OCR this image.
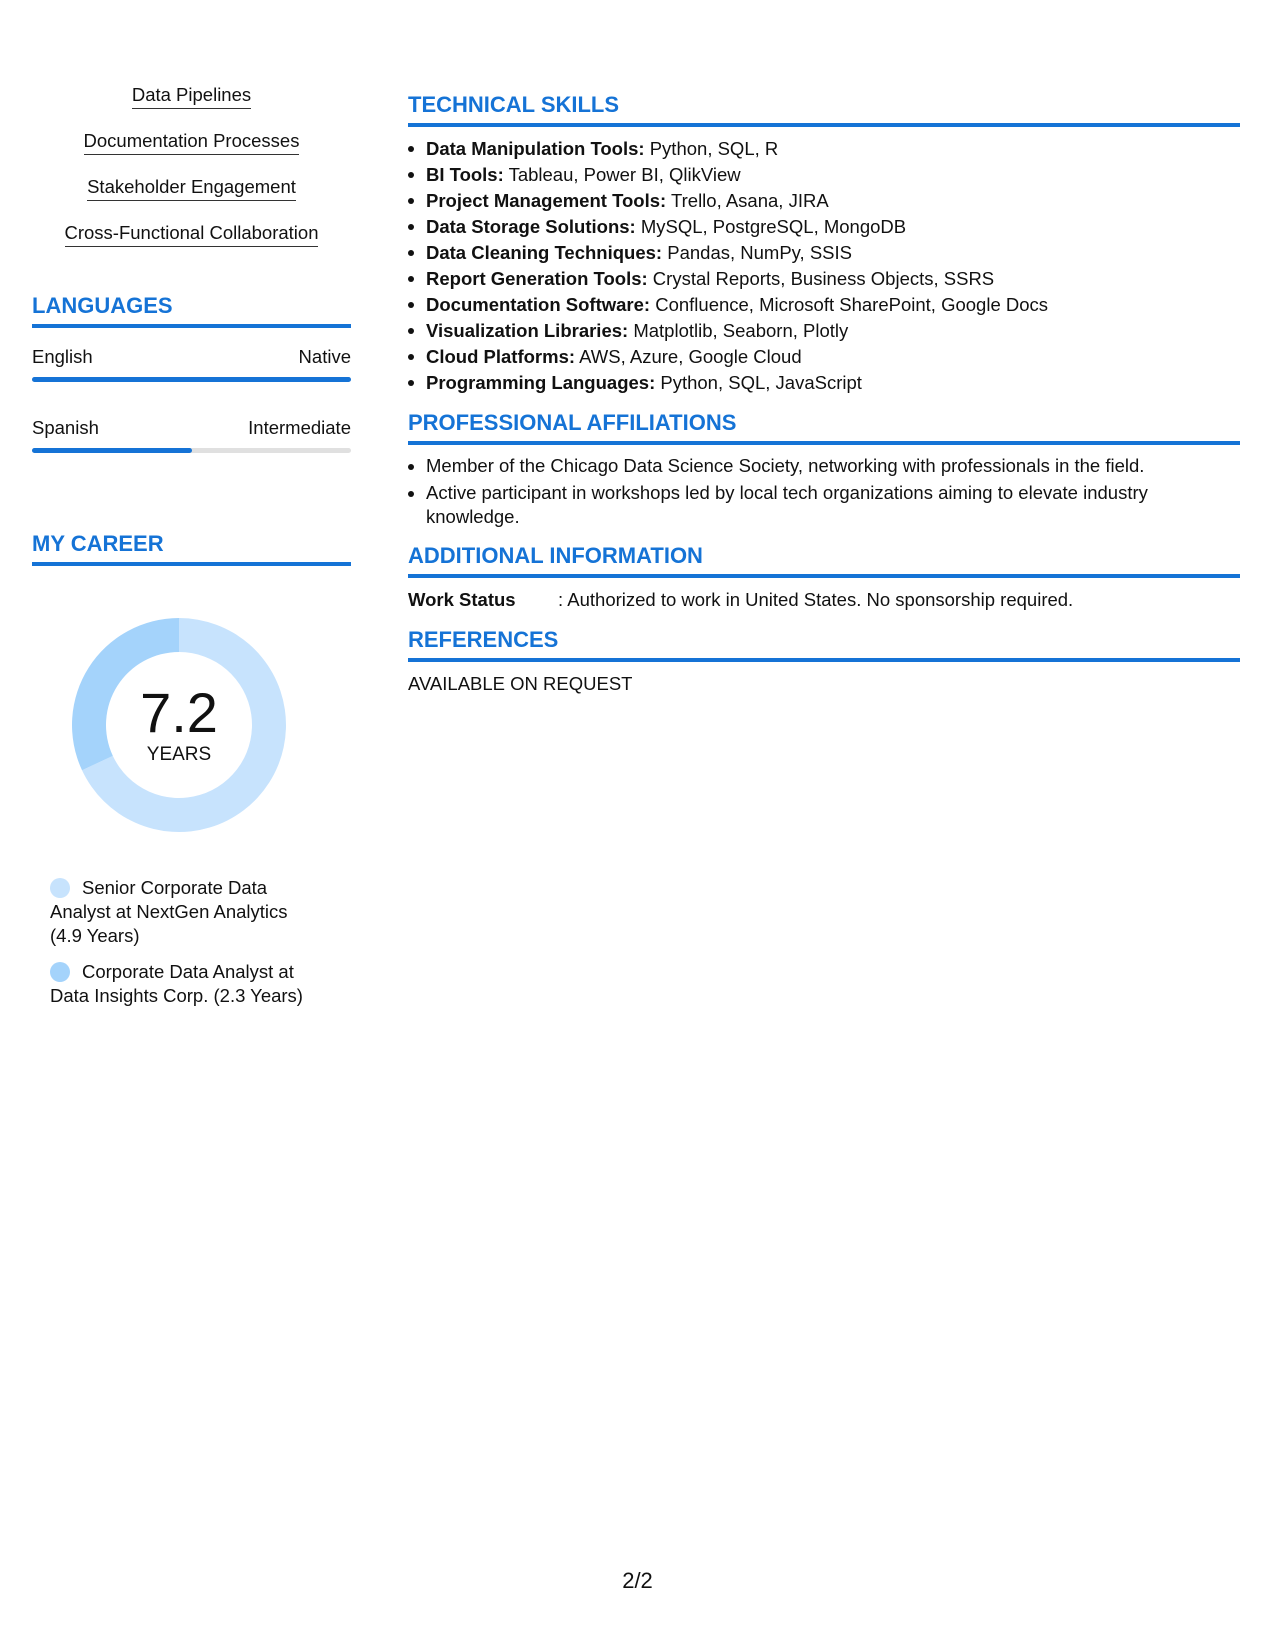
Data Pipelines
Documentation Processes
Stakeholder Engagement
Cross-Functional Collaboration
LANGUAGES
English	Native
Spanish	Intermediate
MY CAREER
7.2
YEARS
Senior Corporate Data Analyst at NextGen Analytics (4.9 Years)
Corporate Data Analyst at Data Insights Corp. (2.3 Years)
TECHNICAL SKILLS
Data Manipulation Tools: Python, SQL, R
BI Tools: Tableau, Power BI, QlikView
Project Management Tools: Trello, Asana, JIRA
Data Storage Solutions: MySQL, PostgreSQL, MongoDB
Data Cleaning Techniques: Pandas, NumPy, SSIS
Report Generation Tools: Crystal Reports, Business Objects, SSRS
Documentation Software: Confluence, Microsoft SharePoint, Google Docs
Visualization Libraries: Matplotlib, Seaborn, Plotly
Cloud Platforms: AWS, Azure, Google Cloud
Programming Languages: Python, SQL, JavaScript
PROFESSIONAL AFFILIATIONS
Member of the Chicago Data Science Society, networking with professionals in the field.
Active participant in workshops led by local tech organizations aiming to elevate industry knowledge.
ADDITIONAL INFORMATION
Work Status	: Authorized to work in United States. No sponsorship required.
REFERENCES
AVAILABLE ON REQUEST
2/2
